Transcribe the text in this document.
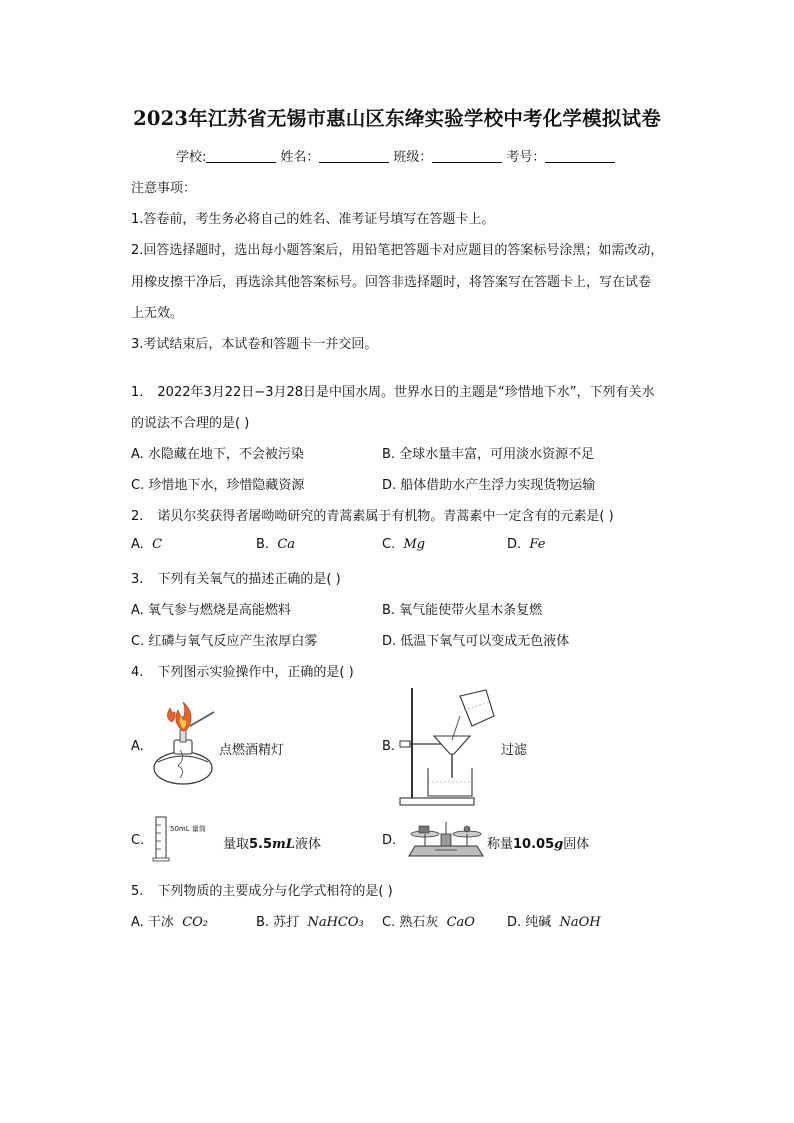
2023年江苏省无锡市惠山区东绛实验学校中考化学模拟试卷
学校:	姓名：	班级：	考号：
注意事项：
1.答卷前，考生务必将自己的姓名、准考证号填写在答题卡上。
2.回答选择题时，选出每小题答案后，用铅笔把答题卡对应题目的答案标号涂黑；如需改动，
用橡皮擦干净后，再选涂其他答案标号。回答非选择题时，将答案写在答题卡上，写在试卷
上无效。
3.考试结束后，本试卷和答题卡一并交回。
1. 2022年3月22日−3月28日是中国水周。世界水日的主题是“珍惜地下水”，下列有关水
的说法不合理的是( )
A. 水隐藏在地下，不会被污染	B. 全球水量丰富，可用淡水资源不足
C. 珍惜地下水，珍惜隐藏资源	D. 船体借助水产生浮力实现货物运输
2. 诺贝尔奖获得者屠呦呦研究的青蒿素属于有机物。青蒿素中一定含有的元素是( )
A. C	B. Ca	C. Mg	D. Fe
3. 下列有关氧气的描述正确的是( )
A. 氧气参与燃烧是高能燃料	B. 氧气能使带火星木条复燃
C. 红磷与氧气反应产生浓厚白雾	D. 低温下氧气可以变成无色液体
4. 下列图示实验操作中，正确的是( )
A.	点燃酒精灯	B.	过滤
C.
50mL 量筒
量取5.5mL液体	D.	称量10.05g固体
5. 下列物质的主要成分与化学式相符的是( )
A. 干冰 CO₂	B. 苏打 NaHCO₃ C. 熟石灰 CaO D. 纯碱 NaOH
